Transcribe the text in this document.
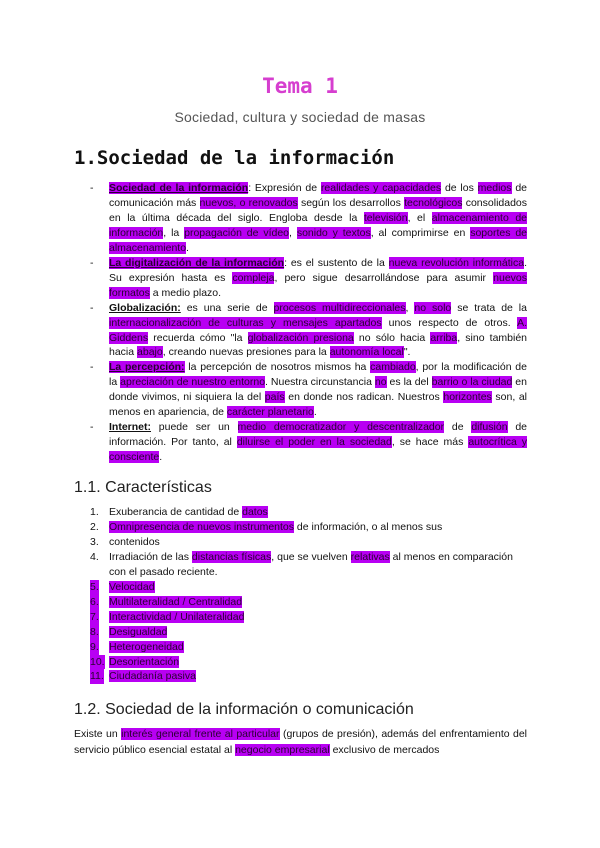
Tema 1

Sociedad, cultura y sociedad de masas

1.Sociedad de la información
- Sociedad de la información: Expresión de realidades y capacidades de los medios de comunicación más nuevos, o renovados según los desarrollos tecnológicos consolidados en la última década del siglo. Engloba desde la televisión, el almacenamiento de información, la propagación de vídeo, sonido y textos, al comprimirse en soportes de almacenamiento.
- La digitalización de la información: es el sustento de la nueva revolución informática. Su expresión hasta es compleja, pero sigue desarrollándose para asumir nuevos formatos a medio plazo.
- Globalización: es una serie de procesos multidireccionales, no solo se trata de la internacionalización de culturas y mensajes apartados unos respecto de otros. A. Giddens recuerda cómo "la globalización presiona no sólo hacia arriba, sino también hacia abajo, creando nuevas presiones para la autonomía local".
- La percepción: la percepción de nosotros mismos ha cambiado, por la modificación de la apreciación de nuestro entorno. Nuestra circunstancia no es la del barrio o la ciudad en donde vivimos, ni siquiera la del país en donde nos radican. Nuestros horizontes son, al menos en apariencia, de carácter planetario.
- Internet: puede ser un medio democratizador y descentralizador de difusión de información. Por tanto, al diluirse el poder en la sociedad, se hace más autocrítica y consciente.
1.1. Características
1. Exuberancia de cantidad de datos
2. Omnipresencia de nuevos instrumentos de información, o al menos sus
3. contenidos
4. Irradiación de las distancias físicas, que se vuelven relativas al menos en comparación con el pasado reciente.
5. Velocidad
6. Multilateralidad / Centralidad
7. Interactividad / Unilateralidad
8. Desigualdad
9. Heterogeneidad
10. Desorientación
11. Ciudadanía pasiva
1.2. Sociedad de la información o comunicación

Existe un interés general frente al particular (grupos de presión), además del enfrentamiento del servicio público esencial estatal al negocio empresarial exclusivo de mercados
